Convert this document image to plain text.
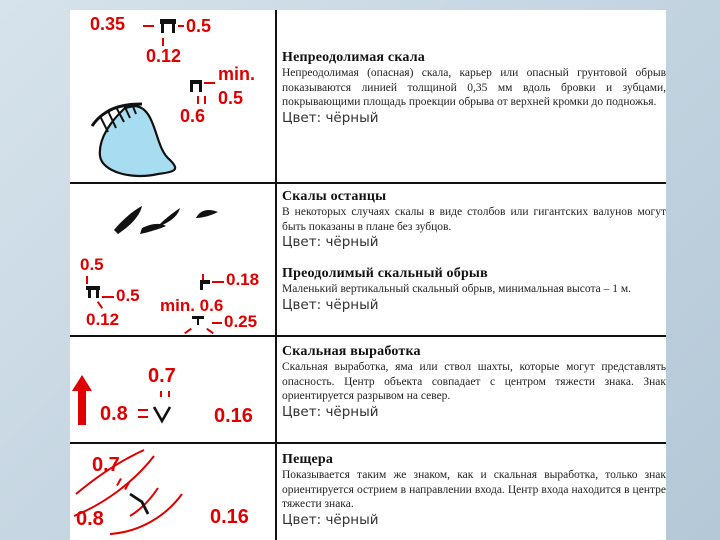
0.35	0.5
0.12
min.
0.5
0.6
Непреодолимая скала
Непреодолимая (опасная) скала, карьер или опасный грунтовой обрыв показываются линией толщиной 0,35 мм вдоль бровки и зубцами, покрывающими площадь проекции обрыва от верхней кромки до подножья.
Цвет: чёрный
Скалы останцы
В некоторых случаях скалы в виде столбов или гигантских валунов могут быть показаны в плане без зубцов.
Цвет: чёрный
0.5
0.5
0.12
0.18
min. 0.6
0.25
Преодолимый скальный обрыв
Маленький вертикальный скальный обрыв, минимальная высота – 1 м.
Цвет: чёрный
0.7
0.8	0.16
Скальная выработка
Скальная выработка, яма или ствол шахты, которые могут представлять опасность. Центр объекта совпадает с центром тяжести знака. Знак ориентируется разрывом на север.
Цвет: чёрный
0.7
0.8	0.16
Пещера
Показывается таким же знаком, как и скальная выработка, только знак ориентируется острием в направлении входа. Центр входа находится в центре тяжести знака.
Цвет: чёрный
